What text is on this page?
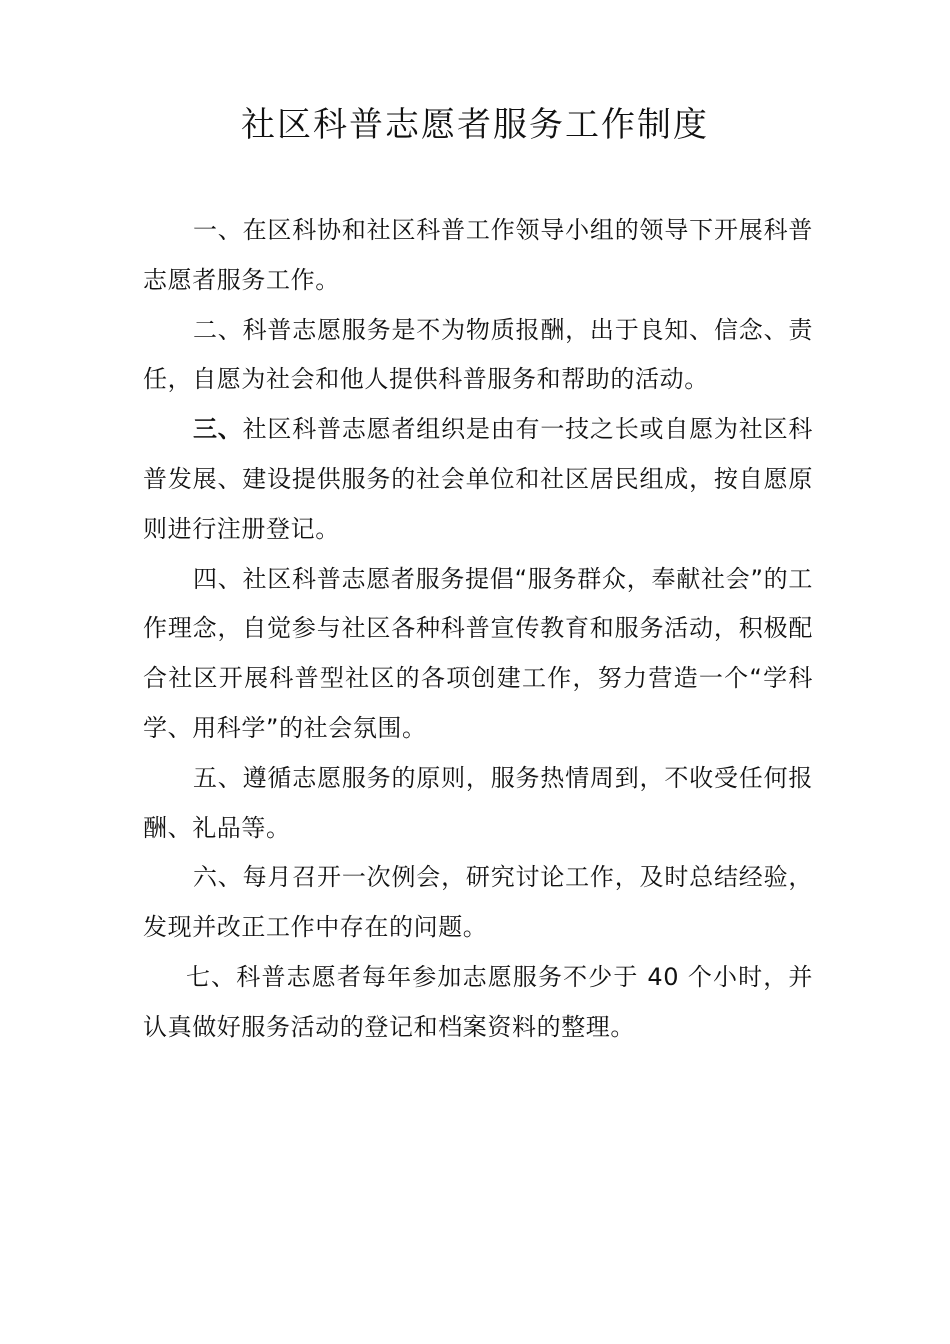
社区科普志愿者服务工作制度

一、在区科协和社区科普工作领导小组的领导下开展科普志愿者服务工作。

二、科普志愿服务是不为物质报酬，出于良知、信念、责任，自愿为社会和他人提供科普服务和帮助的活动。

三、社区科普志愿者组织是由有一技之长或自愿为社区科普发展、建设提供服务的社会单位和社区居民组成，按自愿原则进行注册登记。

四、社区科普志愿者服务提倡“服务群众，奉献社会”的工作理念，自觉参与社区各种科普宣传教育和服务活动，积极配合社区开展科普型社区的各项创建工作，努力营造一个“学科学、用科学”的社会氛围。

五、遵循志愿服务的原则，服务热情周到，不收受任何报酬、礼品等。

六、每月召开一次例会，研究讨论工作，及时总结经验，发现并改正工作中存在的问题。

七、科普志愿者每年参加志愿服务不少于 40 个小时，并认真做好服务活动的登记和档案资料的整理。
